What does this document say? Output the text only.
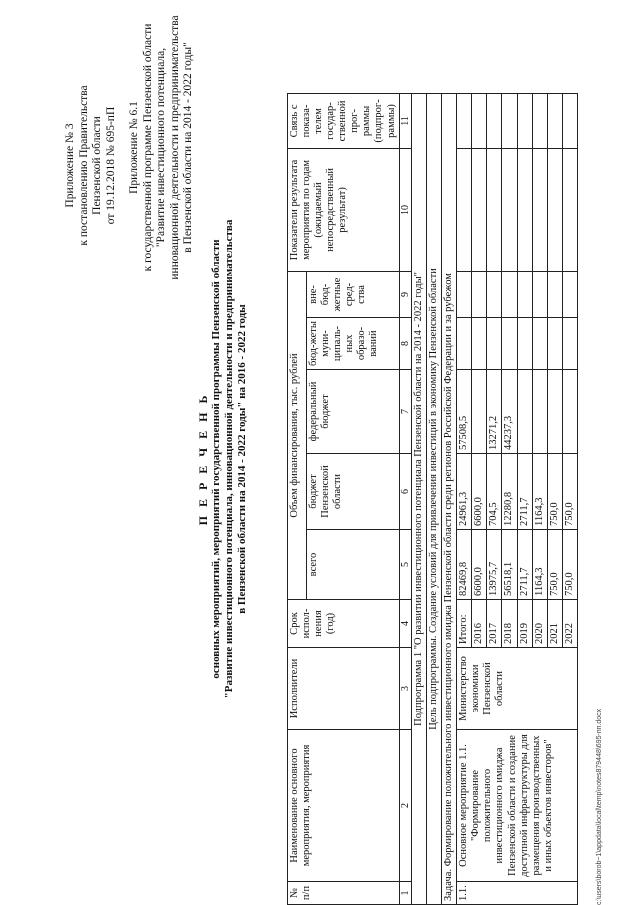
Приложение № 3 к постановлению Правительства Пензенской области от 19.12.2018 № 695-пП Приложение № 6.1 к государственной программе Пензенской области "Развитие инвестиционного потенциала, инновационной деятельности и предпринимательства в Пензенской области на 2014 - 2022 годы"
П Е Р Е Ч Е Н Ь основных мероприятий, мероприятий государственной программы Пензенской области "Развитие инвестиционного потенциала, инновационной деятельности и предпринимательства в Пензенской области на 2014 - 2022 годы" на 2016 - 2022 годы
№ п/п	Наименование основного мероприятия, мероприятия	Исполнители	Срок испол-нения (год)	Объем финансирования, тыс. рублей					Показатели результата мероприятия по годам (ожидаемый непосредственный результат)	Связь с показа-телем государ-ственной прог-раммы (подпрог-раммы)	
				всего	бюджет Пензенской области	федеральный бюджет	бюд-жеты муни-ципаль-ных образо-ваний	вне-бюд-жетные сред-ства			
1	2	3	4	5	6	7	8	9	10	11	
Подпрограмма 1 "О развитии инвестиционного потенциала Пензенской области на 2014 - 2022 годы"											
Цель подпрограммы. Создание условий для привлечения инвестиций в экономику Пензенской области											
Задача. Формирование положительного инвестиционного имиджа Пензенской области среди регионов Российской Федерации и за рубежом											
1.1.	Основное мероприятие 1.1. "Формирование положительного инвестиционного имиджа Пензенской области и создание доступной инфраструктуры для размещения производственных и иных объектов инвесторов"	Министерство экономики Пензенской области	Итого:	82469,8	24961,3	57508,5					
			2016	6600,0	6600,0						
			2017	13975,7	704,5	13271,2					
			2018	56518,1	12280,8	44237,3					
			2019	2711,7	2711,7						
			2020	1164,3	1164,3						
			2021	750,0	750,0						
			2022	750,0	750,0						
c:\users\borob~1\appdata\local\temp\notes879448\695-пп.docx
